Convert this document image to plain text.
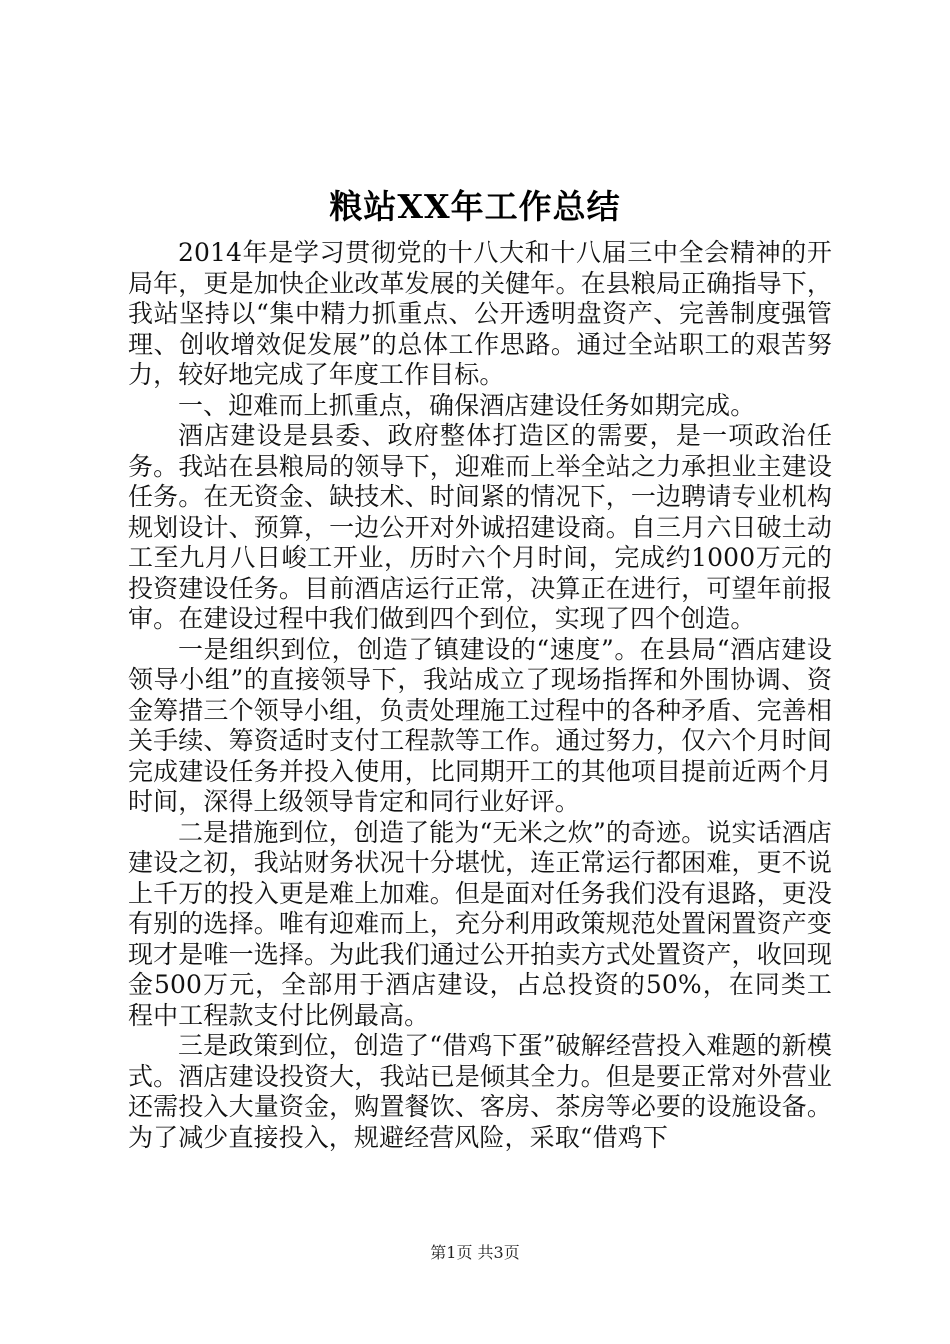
粮站XX年工作总结

2014年是学习贯彻党的十八大和十八届三中全会精神的开局年，更是加快企业改革发展的关健年。在县粮局正确指导下，我站坚持以“集中精力抓重点、公开透明盘资产、完善制度强管理、创收增效促发展”的总体工作思路。通过全站职工的艰苦努力，较好地完成了年度工作目标。

一、迎难而上抓重点，确保酒店建设任务如期完成。

酒店建设是县委、政府整体打造区的需要，是一项政治任务。我站在县粮局的领导下，迎难而上举全站之力承担业主建设任务。在无资金、缺技术、时间紧的情况下，一边聘请专业机构规划设计、预算，一边公开对外诚招建设商。自三月六日破土动工至九月八日峻工开业，历时六个月时间，完成约1000万元的投资建设任务。目前酒店运行正常，决算正在进行，可望年前报审。在建设过程中我们做到四个到位，实现了四个创造。

一是组织到位，创造了镇建设的“速度”。在县局“酒店建设领导小组”的直接领导下，我站成立了现场指挥和外围协调、资金筹措三个领导小组，负责处理施工过程中的各种矛盾、完善相关手续、筹资适时支付工程款等工作。通过努力，仅六个月时间完成建设任务并投入使用，比同期开工的其他项目提前近两个月时间，深得上级领导肯定和同行业好评。

二是措施到位，创造了能为“无米之炊”的奇迹。说实话酒店建设之初，我站财务状况十分堪忧，连正常运行都困难，更不说上千万的投入更是难上加难。但是面对任务我们没有退路，更没有别的选择。唯有迎难而上，充分利用政策规范处置闲置资产变现才是唯一选择。为此我们通过公开拍卖方式处置资产，收回现金500万元，全部用于酒店建设，占总投资的50%，在同类工程中工程款支付比例最高。

三是政策到位，创造了“借鸡下蛋”破解经营投入难题的新模式。酒店建设投资大，我站已是倾其全力。但是要正常对外营业还需投入大量资金，购置餐饮、客房、茶房等必要的设施设备。为了减少直接投入，规避经营风险，采取“借鸡下

第1页 共3页
